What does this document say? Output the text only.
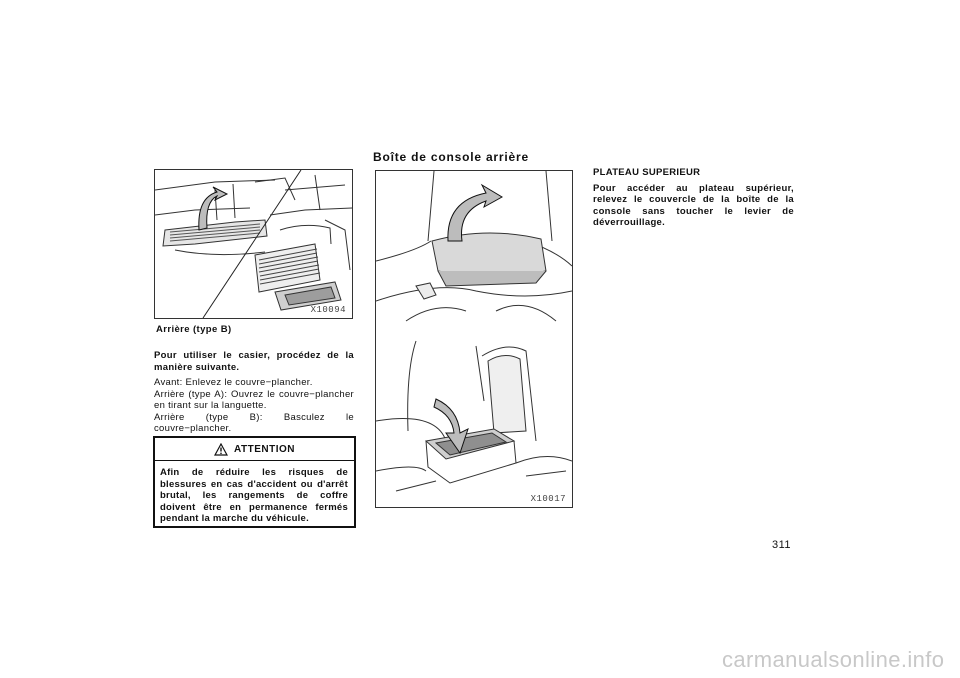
X10094
Arrière (type B)

Pour utiliser le casier, procédez de la manière suivante.

Avant: Enlevez le couvre−plancher.

Arrière (type A): Ouvrez le couvre−plancher en tirant sur la languette.

Arrière (type B): Basculez le couvre−plancher.

ATTENTION

Afin de réduire les risques de blessures en cas d'accident ou d'arrêt brutal, les rangements de coffre doivent être en permanence fermés pendant la marche du véhicule.

Boîte de console arrière
X10017

PLATEAU SUPERIEUR

Pour accéder au plateau supérieur, relevez le couvercle de la boîte de la console sans toucher le levier de déverrouillage.

311
carmanualsonline.info
